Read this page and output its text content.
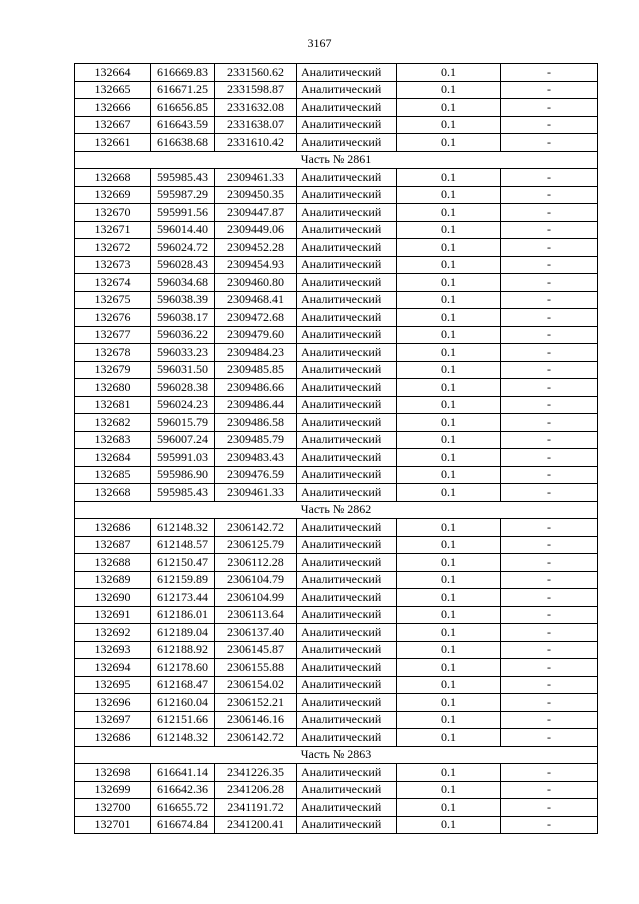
3167
132664	616669.83	2331560.62	Аналитический	0.1	-
132665	616671.25	2331598.87	Аналитический	0.1	-
132666	616656.85	2331632.08	Аналитический	0.1	-
132667	616643.59	2331638.07	Аналитический	0.1	-
132661	616638.68	2331610.42	Аналитический	0.1	-
Часть № 2861					
132668	595985.43	2309461.33	Аналитический	0.1	-
132669	595987.29	2309450.35	Аналитический	0.1	-
132670	595991.56	2309447.87	Аналитический	0.1	-
132671	596014.40	2309449.06	Аналитический	0.1	-
132672	596024.72	2309452.28	Аналитический	0.1	-
132673	596028.43	2309454.93	Аналитический	0.1	-
132674	596034.68	2309460.80	Аналитический	0.1	-
132675	596038.39	2309468.41	Аналитический	0.1	-
132676	596038.17	2309472.68	Аналитический	0.1	-
132677	596036.22	2309479.60	Аналитический	0.1	-
132678	596033.23	2309484.23	Аналитический	0.1	-
132679	596031.50	2309485.85	Аналитический	0.1	-
132680	596028.38	2309486.66	Аналитический	0.1	-
132681	596024.23	2309486.44	Аналитический	0.1	-
132682	596015.79	2309486.58	Аналитический	0.1	-
132683	596007.24	2309485.79	Аналитический	0.1	-
132684	595991.03	2309483.43	Аналитический	0.1	-
132685	595986.90	2309476.59	Аналитический	0.1	-
132668	595985.43	2309461.33	Аналитический	0.1	-
Часть № 2862					
132686	612148.32	2306142.72	Аналитический	0.1	-
132687	612148.57	2306125.79	Аналитический	0.1	-
132688	612150.47	2306112.28	Аналитический	0.1	-
132689	612159.89	2306104.79	Аналитический	0.1	-
132690	612173.44	2306104.99	Аналитический	0.1	-
132691	612186.01	2306113.64	Аналитический	0.1	-
132692	612189.04	2306137.40	Аналитический	0.1	-
132693	612188.92	2306145.87	Аналитический	0.1	-
132694	612178.60	2306155.88	Аналитический	0.1	-
132695	612168.47	2306154.02	Аналитический	0.1	-
132696	612160.04	2306152.21	Аналитический	0.1	-
132697	612151.66	2306146.16	Аналитический	0.1	-
132686	612148.32	2306142.72	Аналитический	0.1	-
Часть № 2863					
132698	616641.14	2341226.35	Аналитический	0.1	-
132699	616642.36	2341206.28	Аналитический	0.1	-
132700	616655.72	2341191.72	Аналитический	0.1	-
132701	616674.84	2341200.41	Аналитический	0.1	-
